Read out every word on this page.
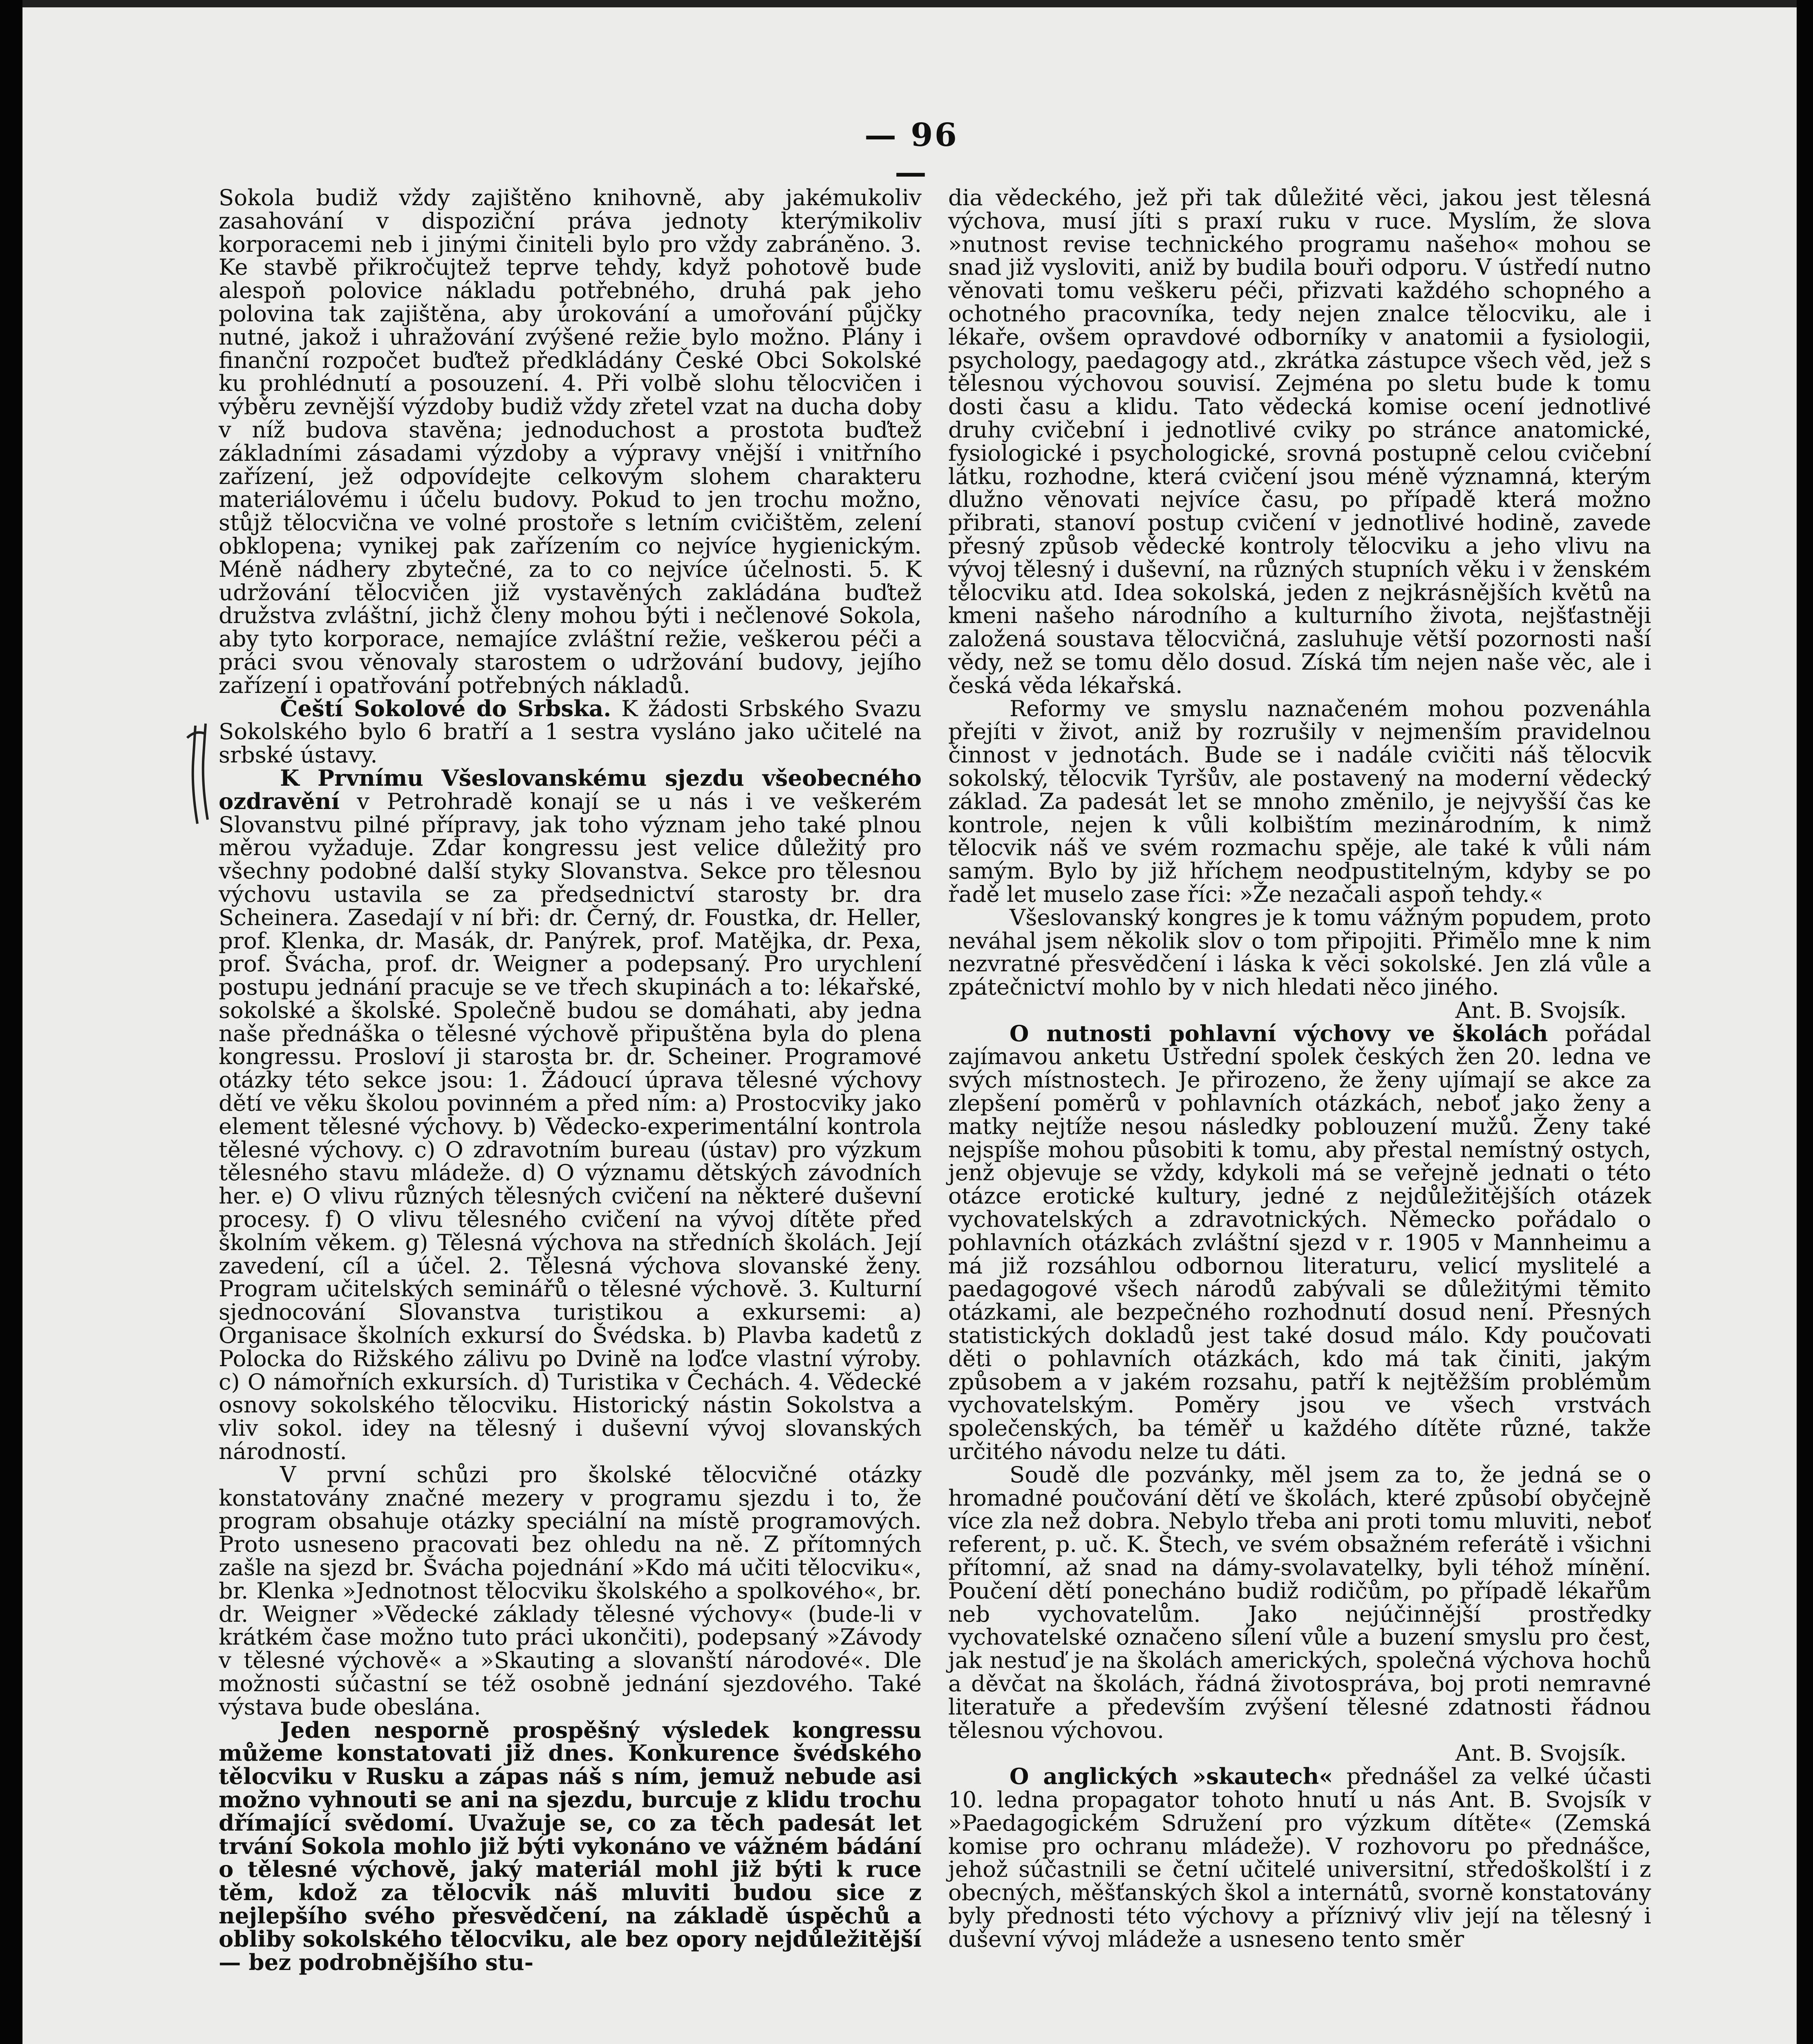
— 96 —

Sokola budiž vždy zajištěno knihovně, aby jakémukoliv zasahování v dispoziční práva jednoty kterýmikoliv korporacemi neb i jinými činiteli bylo pro vždy zabráněno. 3. Ke stavbě přikročujtež teprve tehdy, když pohotově bude alespoň polovice nákladu potřebného, druhá pak jeho polovina tak zajištěna, aby úrokování a umořování půjčky nutné, jakož i uhražování zvýšené režie bylo možno. Plány i finanční rozpočet buďtež předkládány České Obci Sokolské ku prohlédnutí a posouzení. 4. Při volbě slohu tělocvičen i výběru zevnější výzdoby budiž vždy zřetel vzat na ducha doby v níž budova stavěna; jednoduchost a prostota buďtež základními zásadami výzdoby a výpravy vnější i vnitřního zařízení, jež odpovídejte celkovým slohem charakteru materiálovému i účelu budovy. Pokud to jen trochu možno, stůjž tělocvična ve volné prostoře s letním cvičištěm, zelení obklopena; vynikej pak zařízením co nejvíce hygienickým. Méně nádhery zbytečné, za to co nejvíce účelnosti. 5. K udržování tělocvičen již vystavěných zakládána buďtež družstva zvláštní, jichž členy mohou býti i nečlenové Sokola, aby tyto korporace, nemajíce zvláštní režie, veškerou péči a práci svou věnovaly starostem o udržování budovy, jejího zařízení i opatřování potřebných nákladů.

Čeští Sokolové do Srbska. K žádosti Srbského Svazu Sokolského bylo 6 bratří a 1 sestra vysláno jako učitelé na srbské ústavy.

K Prvnímu Všeslovanskému sjezdu všeobecného ozdravění v Petrohradě konají se u nás i ve veškerém Slovanstvu pilné přípravy, jak toho význam jeho také plnou měrou vyžaduje. Zdar kongressu jest velice důležitý pro všechny podobné další styky Slovanstva. Sekce pro tělesnou výchovu ustavila se za předsednictví starosty br. dra Scheinera. Zasedají v ní bři: dr. Černý, dr. Foustka, dr. Heller, prof. Klenka, dr. Masák, dr. Panýrek, prof. Matějka, dr. Pexa, prof. Švácha, prof. dr. Weigner a podepsaný. Pro urychlení postupu jednání pracuje se ve třech skupinách a to: lékařské, sokolské a školské. Společně budou se domáhati, aby jedna naše přednáška o tělesné výchově připuštěna byla do plena kongressu. Prosloví ji starosta br. dr. Scheiner. Programové otázky této sekce jsou: 1. Žádoucí úprava tělesné výchovy dětí ve věku školou povinném a před ním: a) Prostocviky jako element tělesné výchovy. b) Vědecko-experimentální kontrola tělesné výchovy. c) O zdravotním bureau (ústav) pro výzkum tělesného stavu mládeže. d) O významu dětských závodních her. e) O vlivu různých tělesných cvičení na některé duševní procesy. f) O vlivu tělesného cvičení na vývoj dítěte před školním věkem. g) Tělesná výchova na středních školách. Její zavedení, cíl a účel. 2. Tělesná výchova slovanské ženy. Program učitelských seminářů o tělesné výchově. 3. Kulturní sjednocování Slovanstva turistikou a exkursemi: a) Organisace školních exkursí do Švédska. b) Plavba kadetů z Polocka do Rižského zálivu po Dvině na loďce vlastní výroby. c) O námořních exkursích. d) Turistika v Čechách. 4. Vědecké osnovy sokolského tělocviku. Historický nástin Sokolstva a vliv sokol. idey na tělesný i duševní vývoj slovanských národností.

V první schůzi pro školské tělocvičné otázky konstatovány značné mezery v programu sjezdu i to, že program obsahuje otázky speciální na místě programových. Proto usneseno pracovati bez ohledu na ně. Z přítomných zašle na sjezd br. Švácha pojednání »Kdo má učiti tělocviku«, br. Klenka »Jednotnost tělocviku školského a spolkového«, br. dr. Weigner »Vědecké základy tělesné výchovy« (bude-li v krátkém čase možno tuto práci ukončiti), podepsaný »Závody v tělesné výchově« a »Skauting a slovanští národové«. Dle možnosti súčastní se též osobně jednání sjezdového. Také výstava bude obeslána.

Jeden nesporně prospěšný výsledek kongressu můžeme konstatovati již dnes. Konkurence švédského tělocviku v Rusku a zápas náš s ním, jemuž nebude asi možno vyhnouti se ani na sjezdu, burcuje z klidu trochu dřímající svědomí. Uvažuje se, co za těch padesát let trvání Sokola mohlo již býti vykonáno ve vážném bádání o tělesné výchově, jaký materiál mohl již býti k ruce těm, kdož za tělocvik náš mluviti budou sice z nejlepšího svého přesvědčení, na základě úspěchů a obliby sokolského tělocviku, ale bez opory nejdůležitější — bez podrobnějšího stu-

dia vědeckého, jež při tak důležité věci, jakou jest tělesná výchova, musí jíti s praxí ruku v ruce. Myslím, že slova »nutnost revise technického programu našeho« mohou se snad již vysloviti, aniž by budila bouři odporu. V ústředí nutno věnovati tomu veškeru péči, přizvati každého schopného a ochotného pracovníka, tedy nejen znalce tělocviku, ale i lékaře, ovšem opravdové odborníky v anatomii a fysiologii, psychology, paedagogy atd., zkrátka zástupce všech věd, jež s tělesnou výchovou souvisí. Zejména po sletu bude k tomu dosti času a klidu. Tato vědecká komise ocení jednotlivé druhy cvičební i jednotlivé cviky po stránce anatomické, fysiologické i psychologické, srovná postupně celou cvičební látku, rozhodne, která cvičení jsou méně významná, kterým dlužno věnovati nejvíce času, po případě která možno přibrati, stanoví postup cvičení v jednotlivé hodině, zavede přesný způsob vědecké kontroly tělocviku a jeho vlivu na vývoj tělesný i duševní, na různých stupních věku i v ženském tělocviku atd. Idea sokolská, jeden z nejkrásnějších květů na kmeni našeho národního a kulturního života, nejšťastněji založená soustava tělocvičná, zasluhuje větší pozornosti naší vědy, než se tomu dělo dosud. Získá tím nejen naše věc, ale i česká věda lékařská.

Reformy ve smyslu naznačeném mohou pozvenáhla přejíti v život, aniž by rozrušily v nejmenším pravidelnou činnost v jednotách. Bude se i nadále cvičiti náš tělocvik sokolský, tělocvik Tyršův, ale postavený na moderní vědecký základ. Za padesát let se mnoho změnilo, je nejvyšší čas ke kontrole, nejen k vůli kolbištím mezinárodním, k nimž tělocvik náš ve svém rozmachu spěje, ale také k vůli nám samým. Bylo by již hříchem neodpustitelným, kdyby se po řadě let muselo zase říci: »Že nezačali aspoň tehdy.«

Všeslovanský kongres je k tomu vážným popudem, proto neváhal jsem několik slov o tom připojiti. Přimělo mne k nim nezvratné přesvědčení i láska k věci sokolské. Jen zlá vůle a zpátečnictví mohlo by v nich hledati něco jiného.

Ant. B. Svojsík.

O nutnosti pohlavní výchovy ve školách pořádal zajímavou anketu Ústřední spolek českých žen 20. ledna ve svých místnostech. Je přirozeno, že ženy ujímají se akce za zlepšení poměrů v pohlavních otázkách, neboť jako ženy a matky nejtíže nesou následky poblouzení mužů. Ženy také nejspíše mohou působiti k tomu, aby přestal nemístný ostych, jenž objevuje se vždy, kdykoli má se veřejně jednati o této otázce erotické kultury, jedné z nejdůležitějších otázek vychovatelských a zdravotnických. Německo pořádalo o pohlavních otázkách zvláštní sjezd v r. 1905 v Mannheimu a má již rozsáhlou odbornou literaturu, velicí myslitelé a paedagogové všech národů zabývali se důležitými těmito otázkami, ale bezpečného rozhodnutí dosud není. Přesných statistických dokladů jest také dosud málo. Kdy poučovati děti o pohlavních otázkách, kdo má tak činiti, jakým způsobem a v jakém rozsahu, patří k nejtěžším problémům vychovatelským. Poměry jsou ve všech vrstvách společenských, ba téměř u každého dítěte různé, takže určitého návodu nelze tu dáti.

Soudě dle pozvánky, měl jsem za to, že jedná se o hromadné poučování dětí ve školách, které způsobí obyčejně více zla než dobra. Nebylo třeba ani proti tomu mluviti, neboť referent, p. uč. K. Štech, ve svém obsažném referátě i všichni přítomní, až snad na dámy-svolavatelky, byli téhož mínění. Poučení dětí ponecháno budiž rodičům, po případě lékařům neb vychovatelům. Jako nejúčinnější prostředky vychovatelské označeno sílení vůle a buzení smyslu pro čest, jak nestuď je na školách amerických, společná výchova hochů a děvčat na školách, řádná životospráva, boj proti nemravné literatuře a především zvýšení tělesné zdatnosti řádnou tělesnou výchovou.

Ant. B. Svojsík.

O anglických »skautech« přednášel za velké účasti 10. ledna propagator tohoto hnutí u nás Ant. B. Svojsík v »Paedagogickém Sdružení pro výzkum dítěte« (Zemská komise pro ochranu mládeže). V rozhovoru po přednášce, jehož súčastnili se četní učitelé universitní, středoškolští i z obecných, měšťanských škol a internátů, svorně konstatovány byly přednosti této výchovy a příznivý vliv její na tělesný i duševní vývoj mládeže a usneseno tento směr
